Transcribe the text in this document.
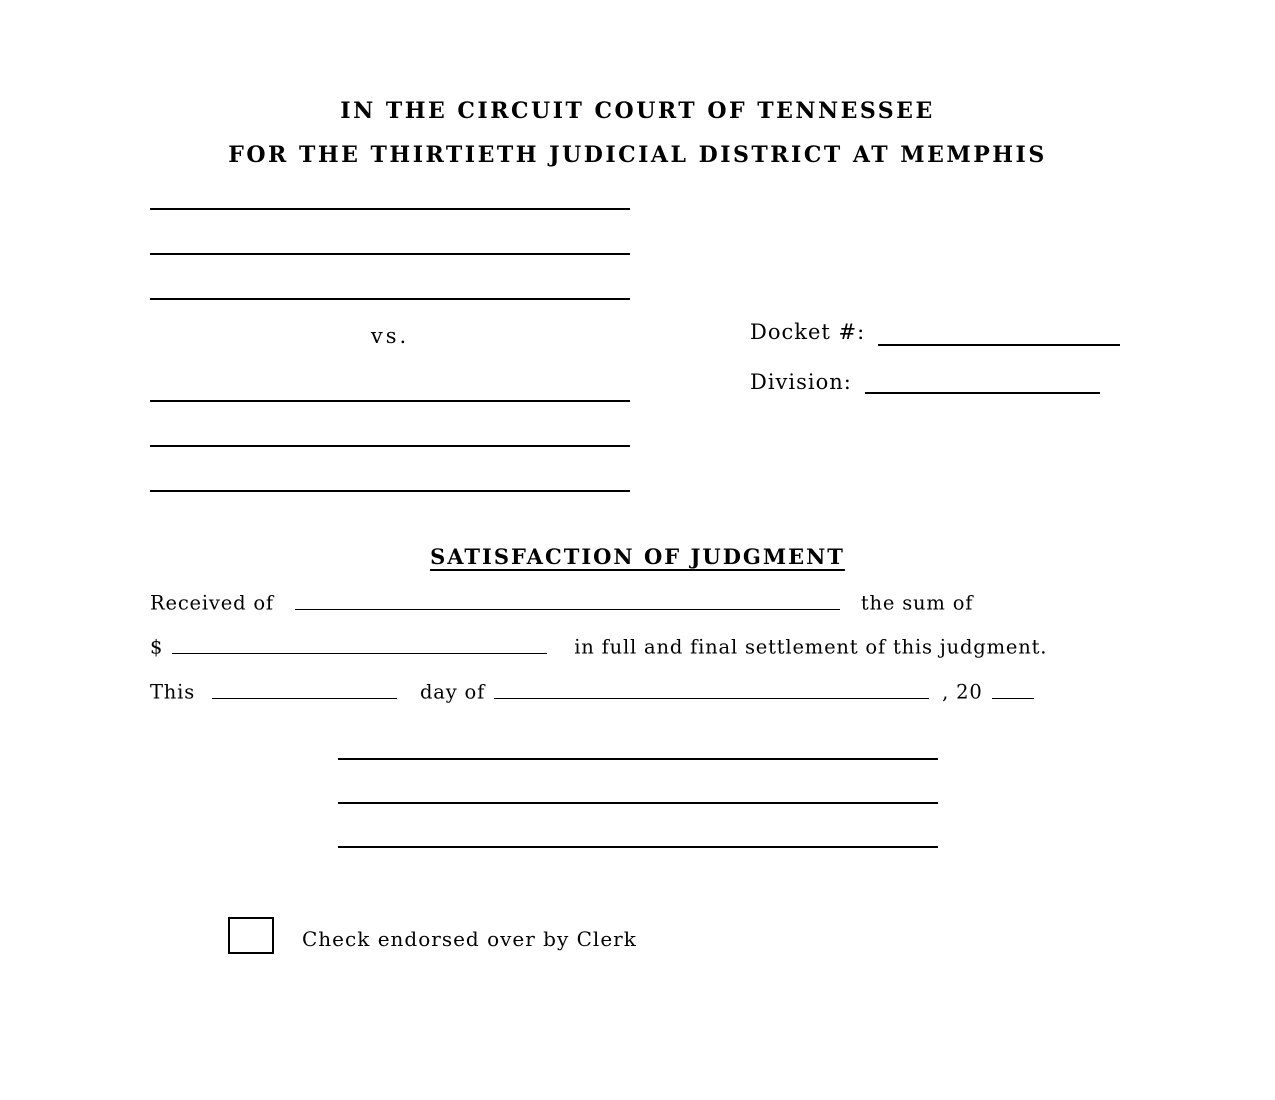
IN THE CIRCUIT COURT OF TENNESSEE
FOR THE THIRTIETH JUDICIAL DISTRICT AT MEMPHIS
vs.	Docket #:
Division:
SATISFACTION OF JUDGMENT
Received of	the sum of
$	in full and final settlement of this judgment.
This	day of	, 20
Check endorsed over by Clerk
